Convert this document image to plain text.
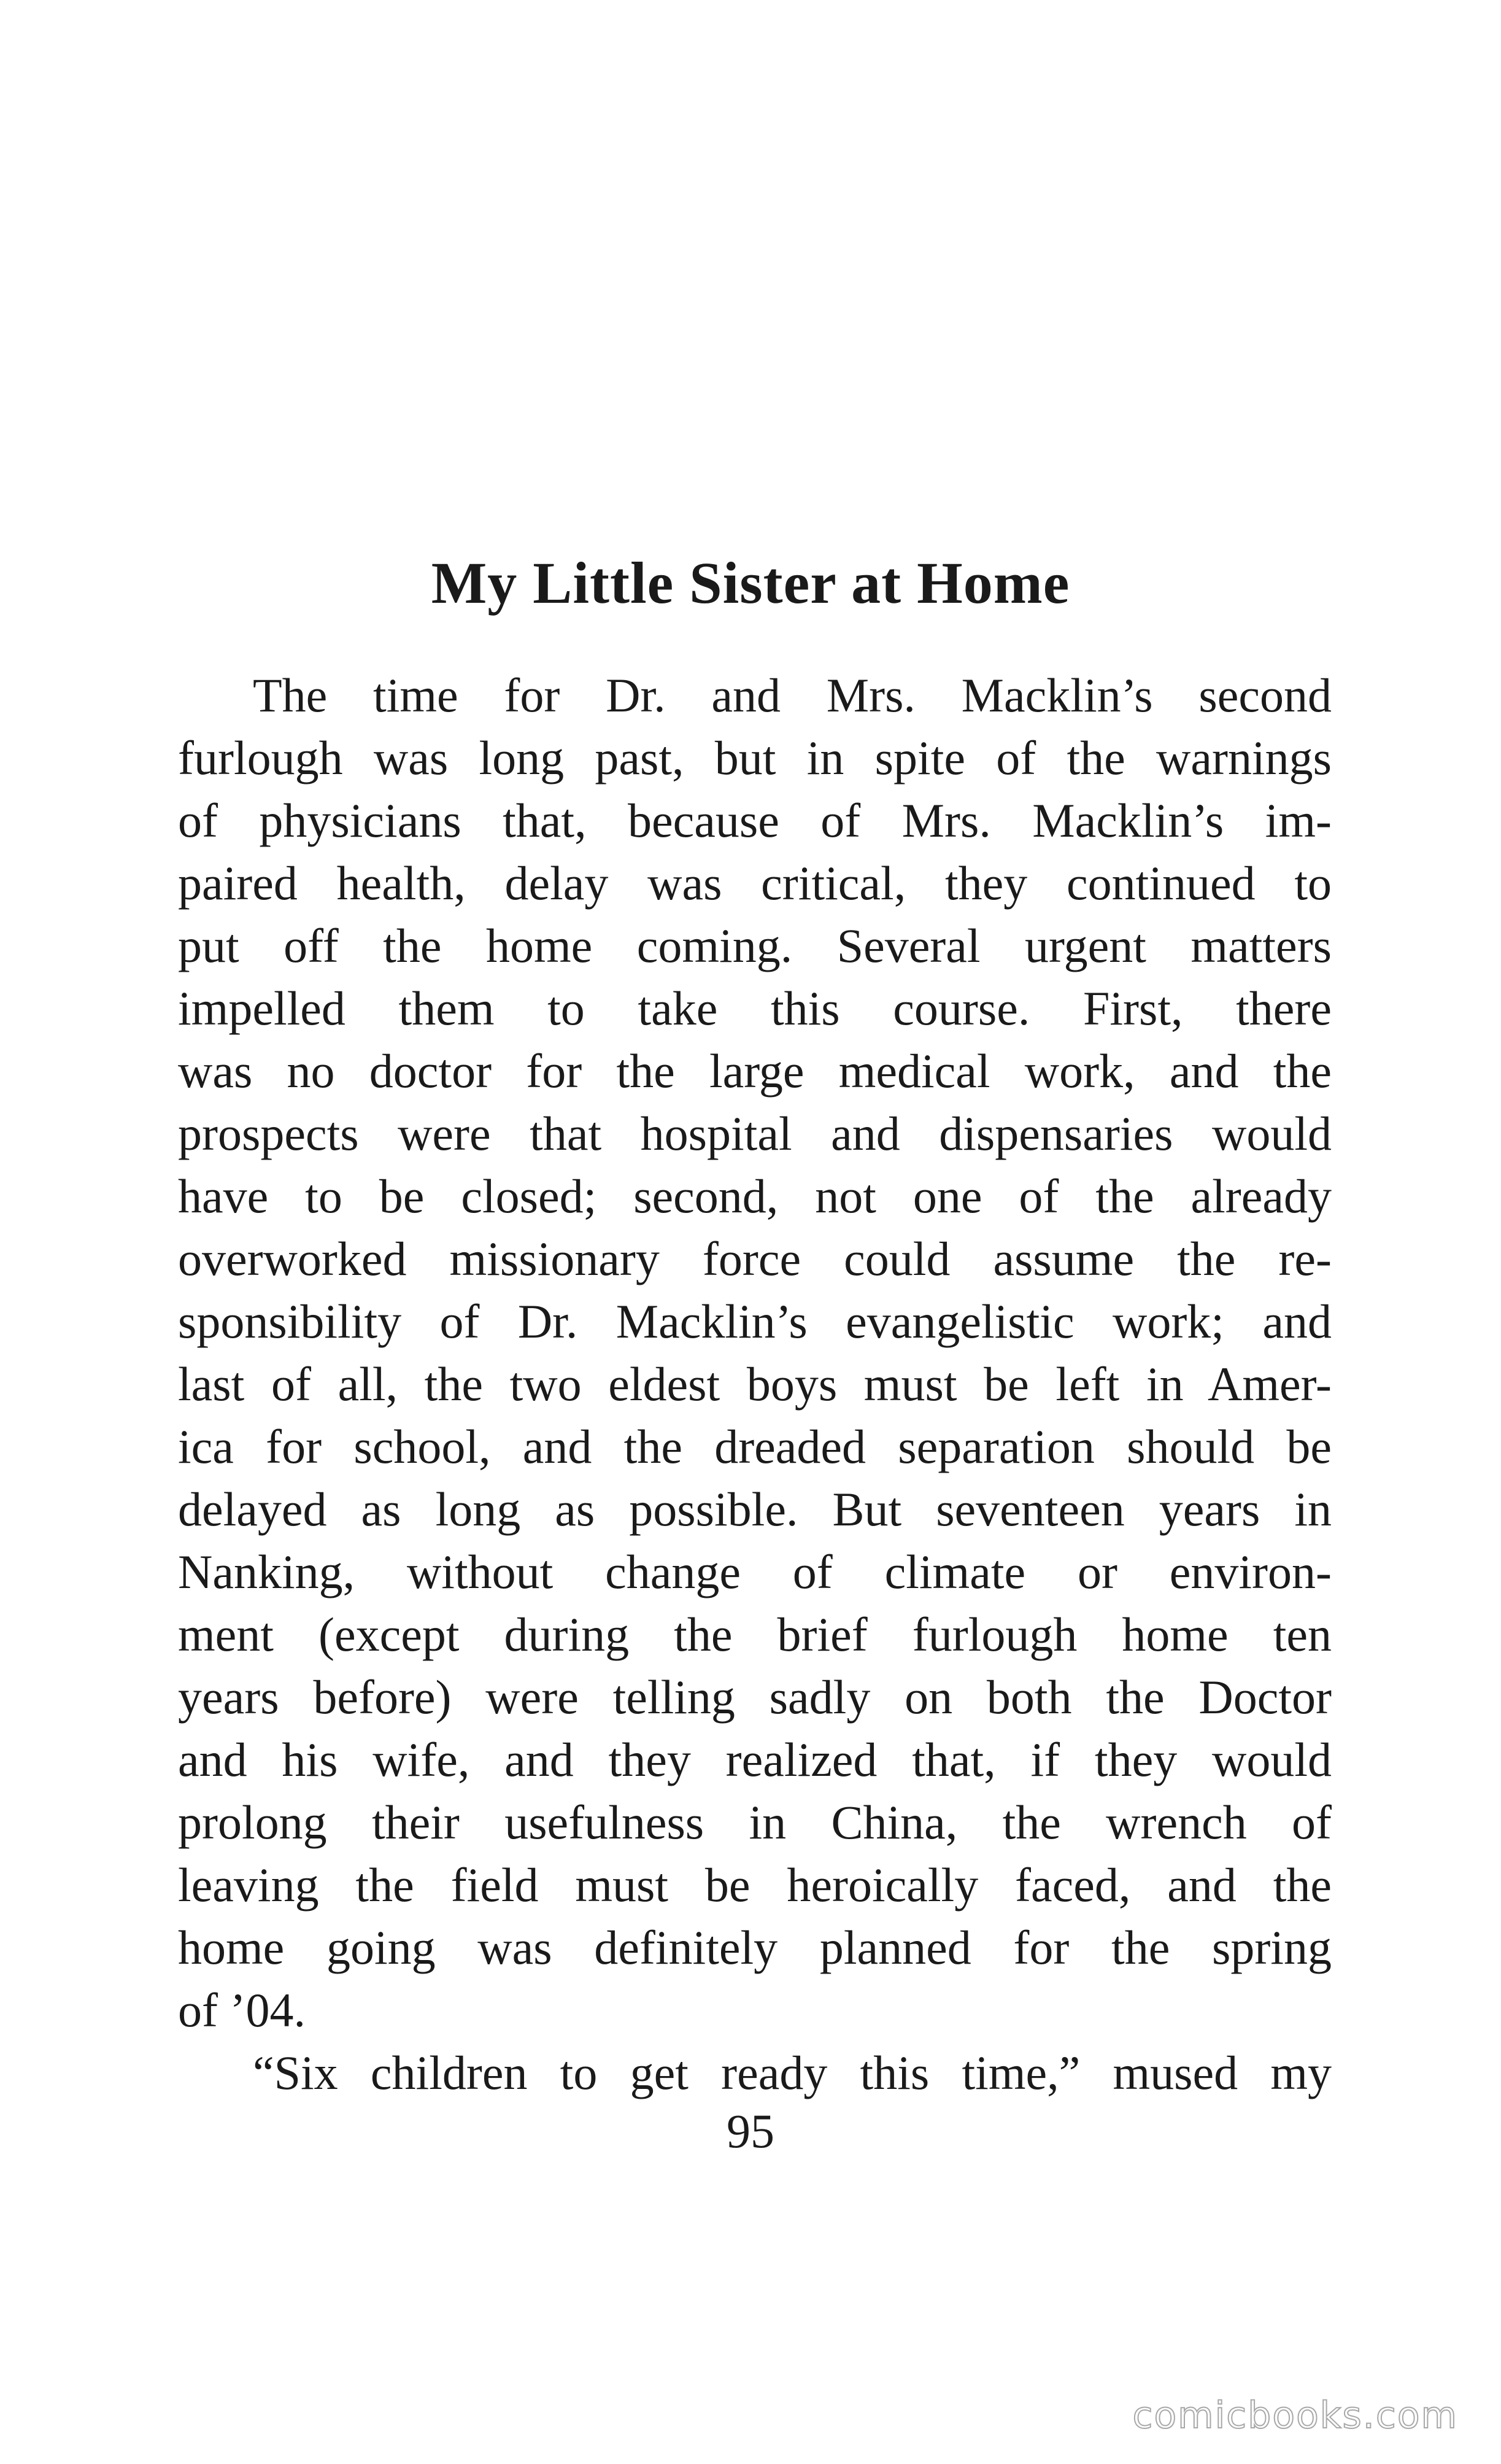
My Little Sister at Home
The time for Dr. and Mrs. Macklin’s second
furlough was long past, but in spite of the warnings
of physicians that, because of Mrs. Macklin’s im-
paired health, delay was critical, they continued to
put off the home coming. Several urgent matters
impelled them to take this course. First, there
was no doctor for the large medical work, and the
prospects were that hospital and dispensaries would
have to be closed; second, not one of the already
overworked missionary force could assume the re-
sponsibility of Dr. Macklin’s evangelistic work; and
last of all, the two eldest boys must be left in Amer-
ica for school, and the dreaded separation should be
delayed as long as possible. But seventeen years in
Nanking, without change of climate or environ-
ment (except during the brief furlough home ten
years before) were telling sadly on both the Doctor
and his wife, and they realized that, if they would
prolong their usefulness in China, the wrench of
leaving the field must be heroically faced, and the
home going was definitely planned for the spring
of ’04.
“Six children to get ready this time,” mused my
95
comicbooks.com
